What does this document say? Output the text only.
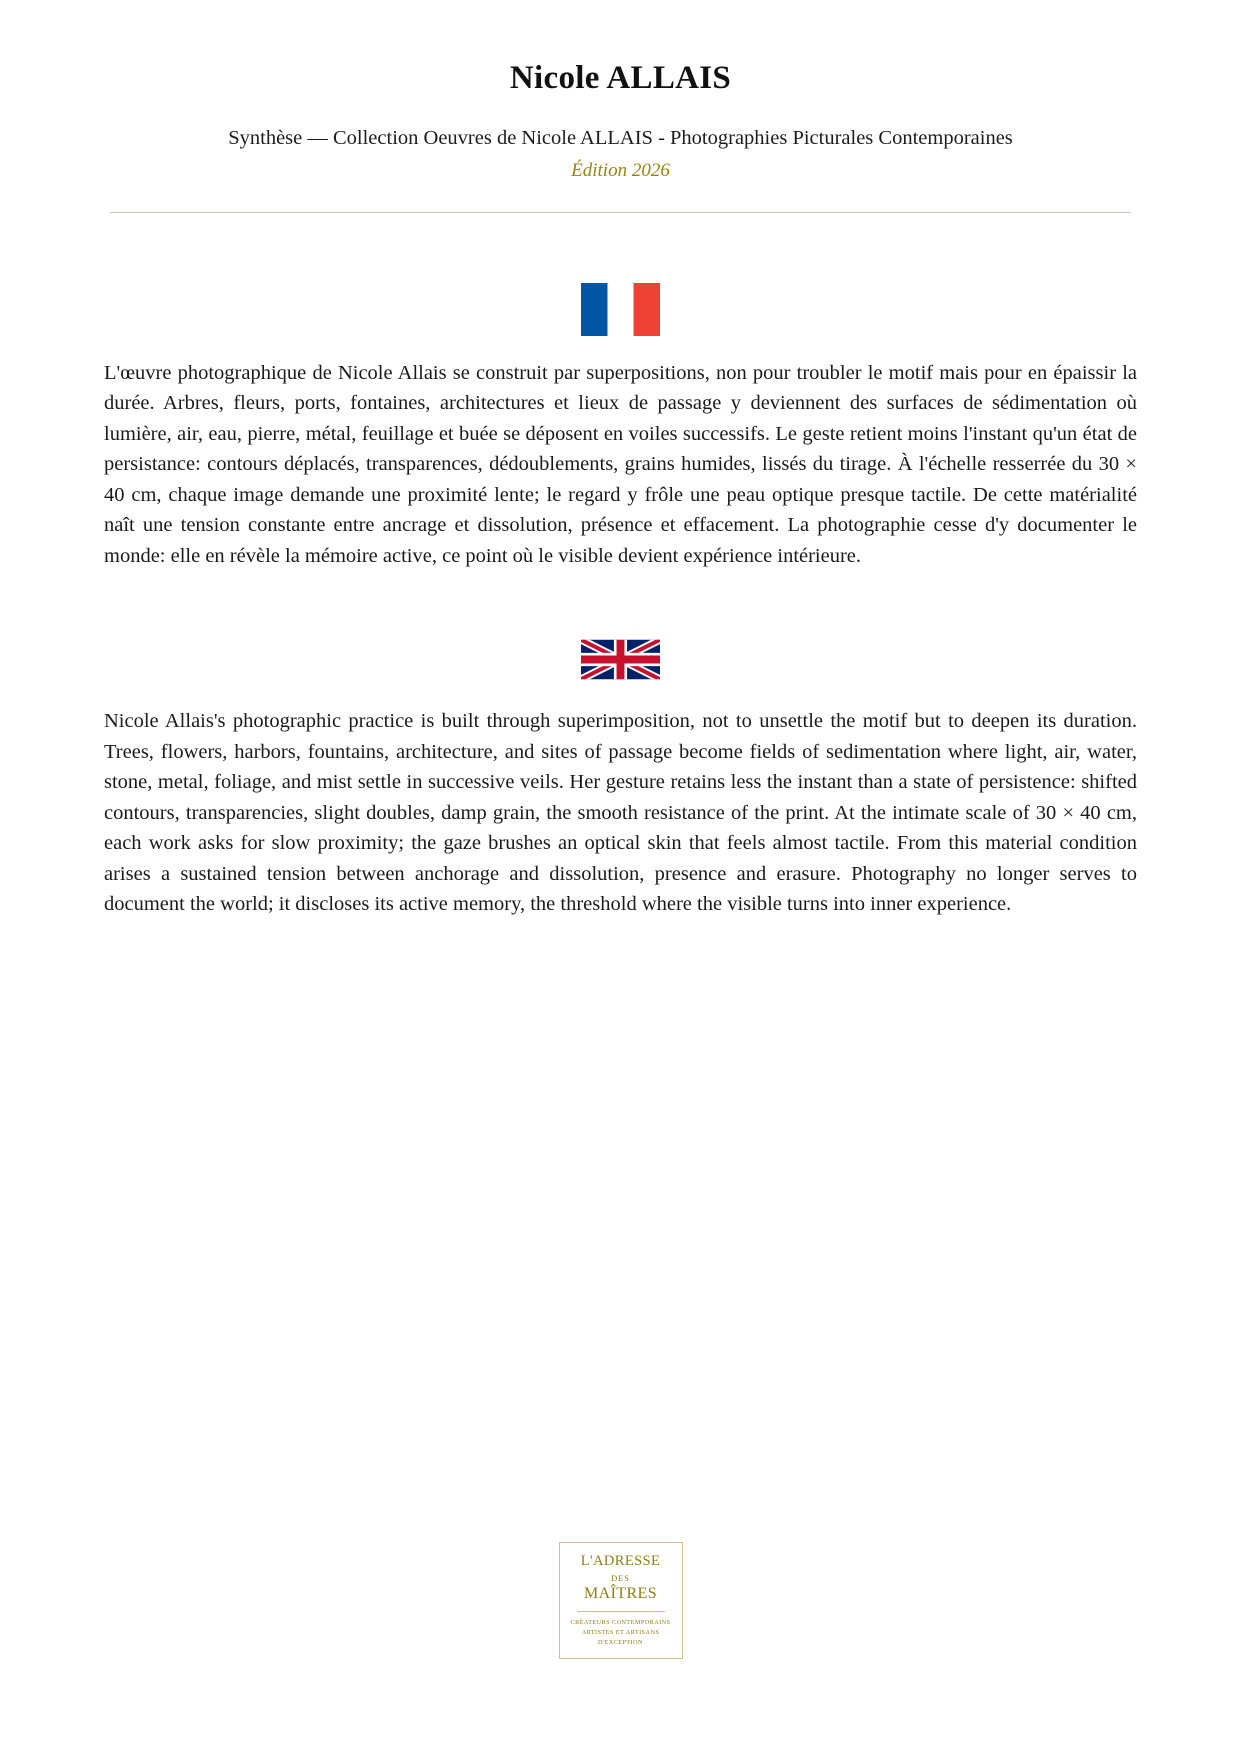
Nicole ALLAIS

Synthèse — Collection Oeuvres de Nicole ALLAIS - Photographies Picturales Contemporaines

Édition 2026

L'œuvre photographique de Nicole Allais se construit par superpositions, non pour troubler le motif mais pour en épaissir la durée. Arbres, fleurs, ports, fontaines, architectures et lieux de passage y deviennent des surfaces de sédimentation où lumière, air, eau, pierre, métal, feuillage et buée se déposent en voiles successifs. Le geste retient moins l'instant qu'un état de persistance: contours déplacés, transparences, dédoublements, grains humides, lissés du tirage. À l'échelle resserrée du 30 × 40 cm, chaque image demande une proximité lente; le regard y frôle une peau optique presque tactile. De cette matérialité naît une tension constante entre ancrage et dissolution, présence et effacement. La photographie cesse d'y documenter le monde: elle en révèle la mémoire active, ce point où le visible devient expérience intérieure.

Nicole Allais's photographic practice is built through superimposition, not to unsettle the motif but to deepen its duration. Trees, flowers, harbors, fountains, architecture, and sites of passage become fields of sedimentation where light, air, water, stone, metal, foliage, and mist settle in successive veils. Her gesture retains less the instant than a state of persistence: shifted contours, transparencies, slight doubles, damp grain, the smooth resistance of the print. At the intimate scale of 30 × 40 cm, each work asks for slow proximity; the gaze brushes an optical skin that feels almost tactile. From this material condition arises a sustained tension between anchorage and dissolution, presence and erasure. Photography no longer serves to document the world; it discloses its active memory, the threshold where the visible turns into inner experience.

L'ADRESSE
DES
MAÎTRES
CRÉATEURS CONTEMPORAINS
ARTISTES ET ARTISANS
D'EXCEPTION
